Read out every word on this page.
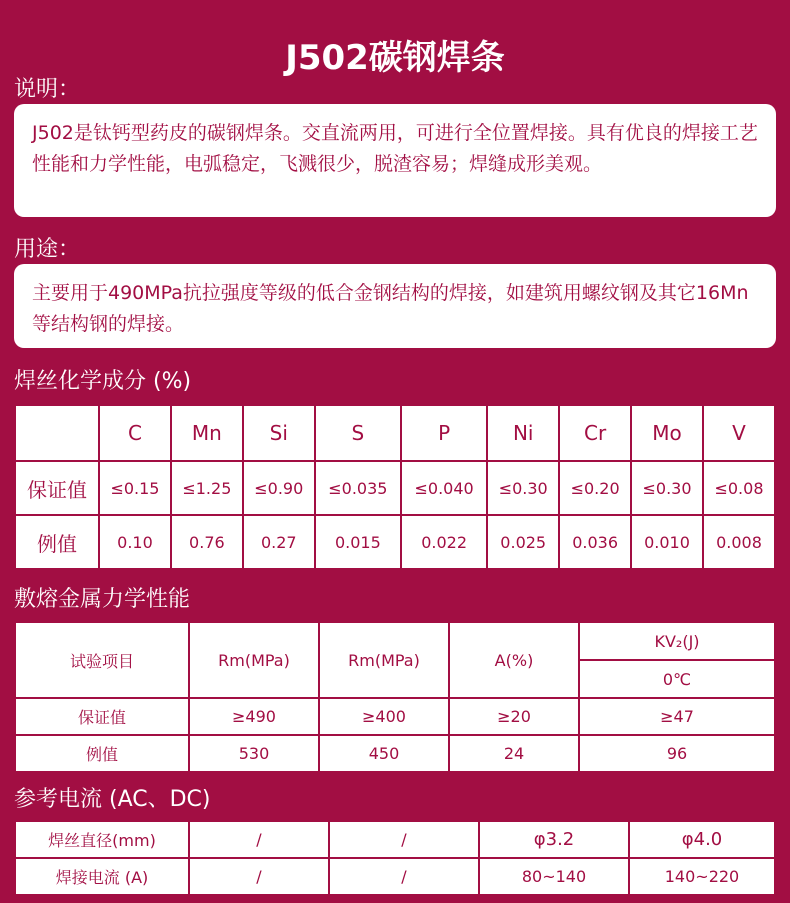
J502碳钢焊条
说明：
J502是钛钙型药皮的碳钢焊条。交直流两用，可进行全位置焊接。具有优良的焊接工艺性能和力学性能，电弧稳定，飞溅很少，脱渣容易；焊缝成形美观。
用途：
主要用于490MPa抗拉强度等级的低合金钢结构的焊接，如建筑用螺纹钢及其它16Mn等结构钢的焊接。
焊丝化学成分 (%)
	C	Mn	Si	S	P	Ni	Cr	Mo	V
保证值	≤0.15	≤1.25	≤0.90	≤0.035	≤0.040	≤0.30	≤0.20	≤0.30	≤0.08
例值	0.10	0.76	0.27	0.015	0.022	0.025	0.036	0.010	0.008
敷熔金属力学性能
试验项目	Rm(MPa)	Rm(MPa)	A(%)	KV₂(J)
				0℃
保证值	≥490	≥400	≥20	≥47
例值	530	450	24	96
参考电流 (AC、DC)
焊丝直径(mm)	/	/	φ3.2	φ4.0
焊接电流 (A)	/	/	80~140	140~220
